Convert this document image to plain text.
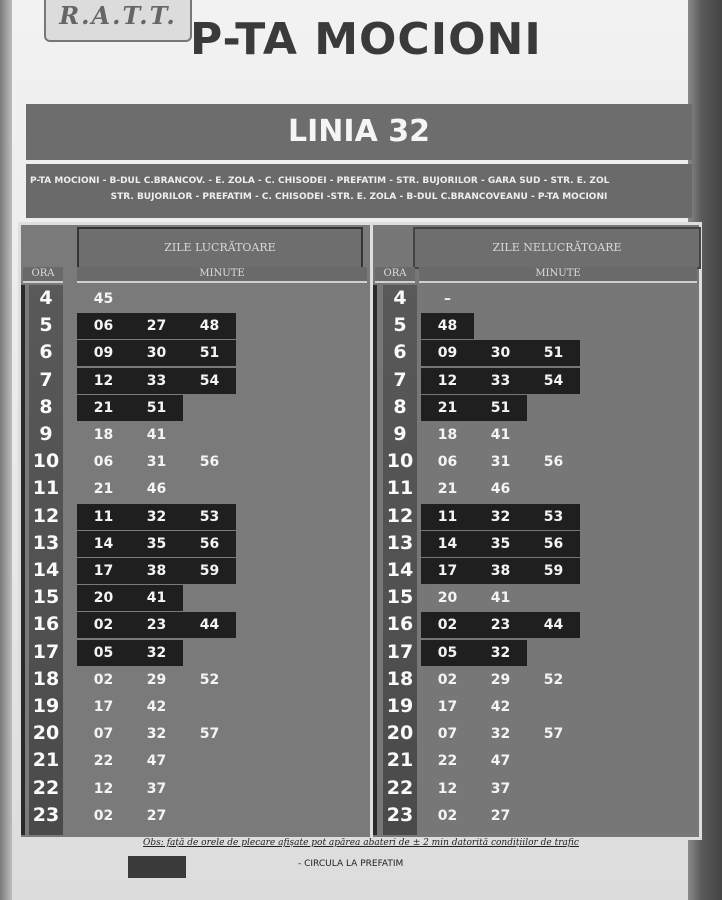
R.A.T.T. P-TA MOCIONI
LINIA 32
P-TA MOCIONI - B-DUL C.BRANCOV. - E. ZOLA - C. CHISODEI - PREFATIM - STR. BUJORILOR - GARA SUD - STR. E. ZOL
STR. BUJORILOR - PREFATIM - C. CHISODEI -STR. E. ZOLA - B-DUL C.BRANCOVEANU - P-TA MOCIONI
ZILE LUCRĂTOARE
ORA	MINUTE
4	45
5	06 27 48
6	09 30 51
7	12 33 54
8	21 51
9	18 41
10	06 31 56
11	21 46
12	11 32 53
13	14 35 56
14	17 38 59
15	20 41
16	02 23 44
17	05 32
18	02 29 52
19	17 42
20	07 32 57
21	22 47
22	12 37
23	02 27
ZILE NELUCRĂTOARE
ORA	MINUTE
4	–
5	48
6	09 30 51
7	12 33 54
8	21 51
9	18 41
10	06 31 56
11	21 46
12	11 32 53
13	14 35 56
14	17 38 59
15	20 41
16	02 23 44
17	05 32
18	02 29 52
19	17 42
20	07 32 57
21	22 47
22	12 37
23	02 27
Obs: față de orele de plecare afișate pot apărea abateri de ± 2 min datorită condițiilor de trafic
- CIRCULA LA PREFATIM
